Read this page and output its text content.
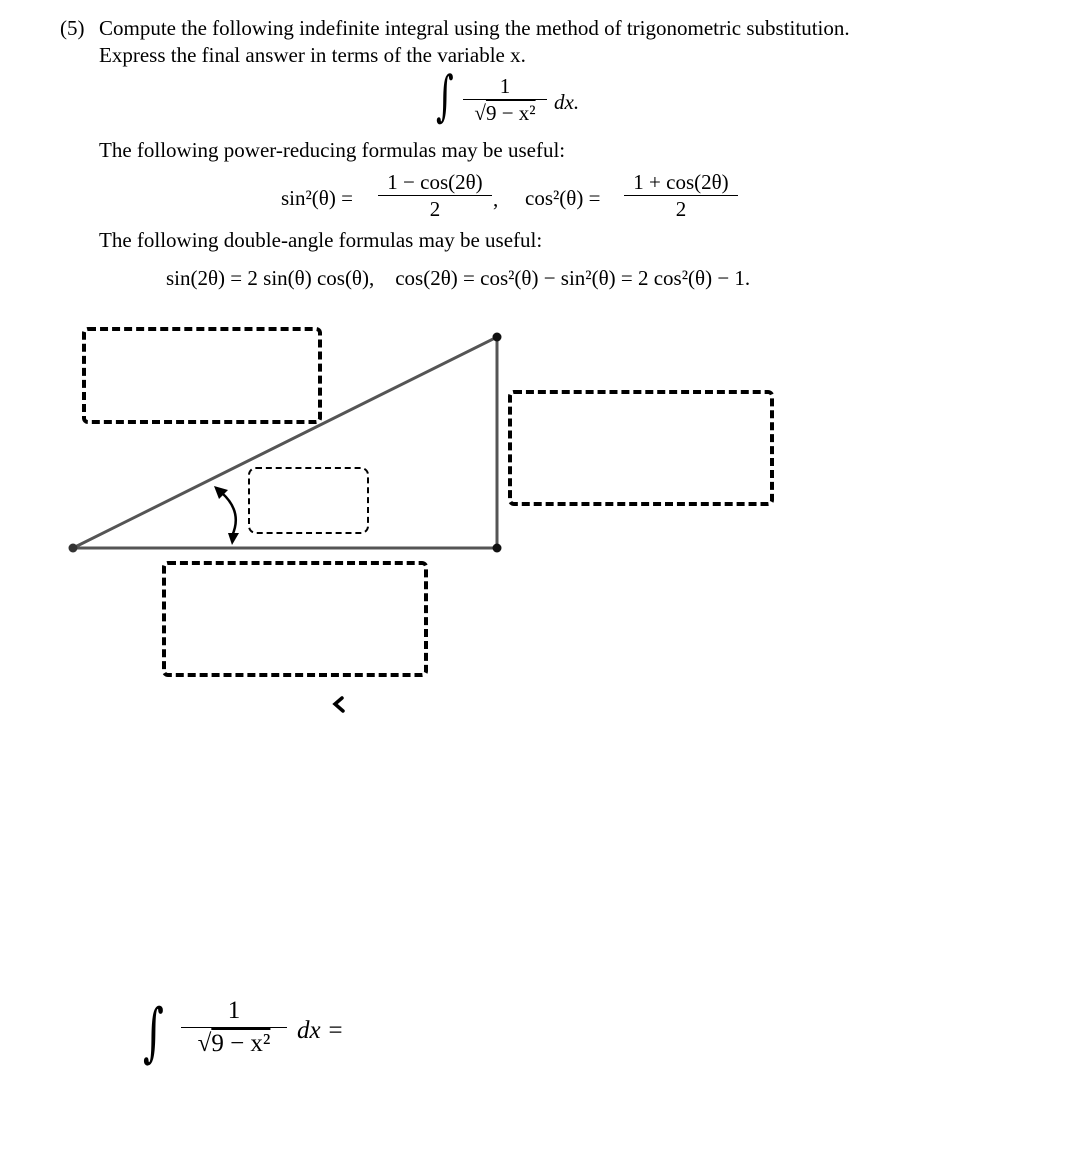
(5) Compute the following indefinite integral using the method of trigonometric substitution.
Express the final answer in terms of the variable x.
∫	1
√9 − x² dx.
The following power-reducing formulas may be useful:
sin²(θ) =
1 − cos(2θ)
2	, cos²(θ) =
1 + cos(2θ)
2
The following double-angle formulas may be useful:
sin(2θ) = 2 sin(θ) cos(θ),    cos(2θ) = cos²(θ) − sin²(θ) = 2 cos²(θ) − 1.
∫	1
√9 − x²	dx =
